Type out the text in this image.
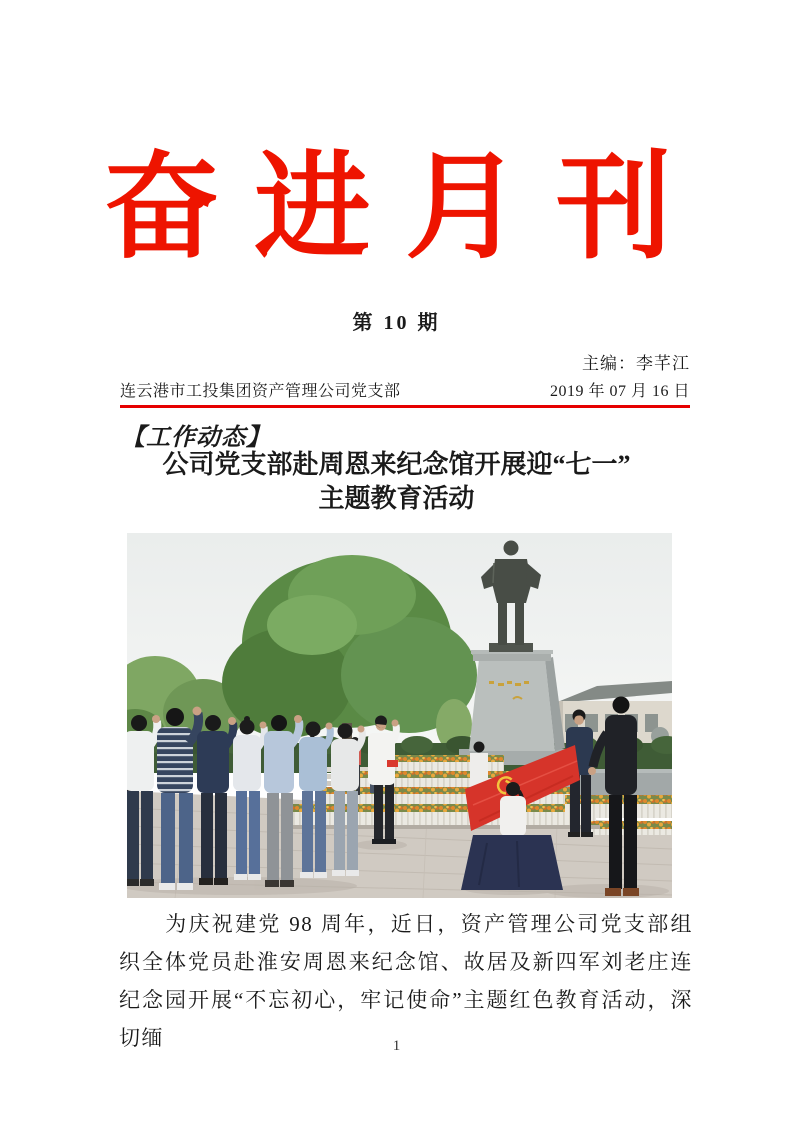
奋进月刊
第 10 期
主编：李芊江
连云港市工投集团资产管理公司党支部	2019 年 07 月 16 日
【工作动态】
公司党支部赴周恩来纪念馆开展迎“七一”
主题教育活动

为庆祝建党 98 周年，近日，资产管理公司党支部组织全体党员赴淮安周恩来纪念馆、故居及新四军刘老庄连纪念园开展“不忘初心，牢记使命”主题红色教育活动，深切缅	1
